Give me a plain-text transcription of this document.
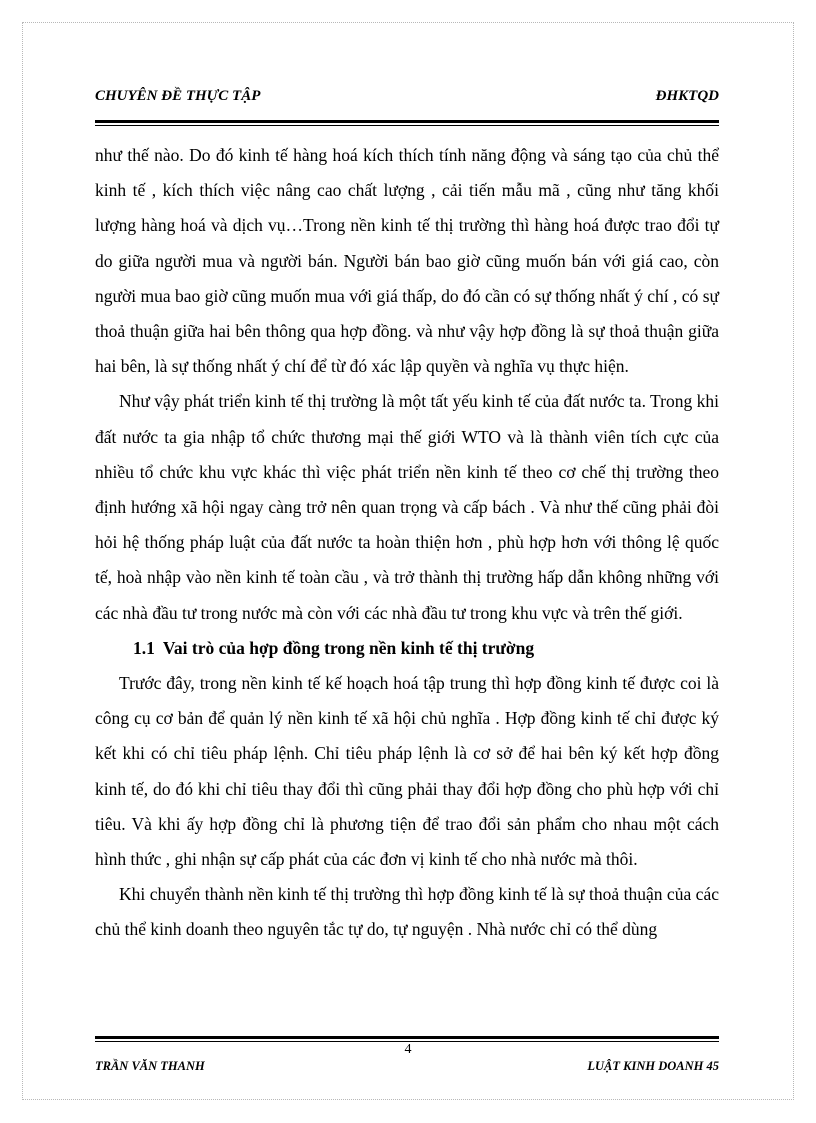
CHUYÊN ĐỀ THỰC TẬP	ĐHKTQD

như thế nào. Do đó kinh tế hàng hoá kích thích tính năng động và sáng tạo của chủ thể kinh tế , kích thích việc nâng cao chất lượng , cải tiến mẫu mã , cũng như tăng khối lượng hàng hoá và dịch vụ…Trong nền kinh tế thị trường thì hàng hoá được trao đổi tự do giữa người mua và người bán. Người bán bao giờ cũng muốn bán với giá cao, còn người mua bao giờ cũng muốn mua với giá thấp, do đó cần có sự thống nhất ý chí , có sự thoả thuận giữa hai bên thông qua hợp đồng. và như vậy hợp đồng là sự thoả thuận giữa hai bên, là sự thống nhất ý chí để từ đó xác lập quyền và nghĩa vụ thực hiện.

Như vậy phát triển kinh tế thị trường là một tất yếu kinh tế của đất nước ta. Trong khi đất nước ta gia nhập tổ chức thương mại thế giới WTO và là thành viên tích cực của nhiều tổ chức khu vực khác thì việc phát triển nền kinh tế theo cơ chế thị trường theo định hướng xã hội ngay càng trở nên quan trọng và cấp bách . Và như thế cũng phải đòi hỏi hệ thống pháp luật của đất nước ta hoàn thiện hơn , phù hợp hơn với thông lệ quốc tế, hoà nhập vào nền kinh tế toàn cầu , và trở thành thị trường hấp dẫn không những với các nhà đầu tư trong nước mà còn với các nhà đầu tư trong khu vực và trên thế giới.

1.1 Vai trò của hợp đồng trong nền kinh tế thị trường

Trước đây, trong nền kinh tế kế hoạch hoá tập trung thì hợp đồng kinh tế được coi là công cụ cơ bản để quản lý nền kinh tế xã hội chủ nghĩa . Hợp đồng kinh tế chỉ được ký kết khi có chỉ tiêu pháp lệnh. Chỉ tiêu pháp lệnh là cơ sở để hai bên ký kết hợp đồng kinh tế, do đó khi chỉ tiêu thay đổi thì cũng phải thay đổi hợp đồng cho phù hợp với chỉ tiêu. Và khi ấy hợp đồng chỉ là phương tiện để trao đổi sản phẩm cho nhau một cách hình thức , ghi nhận sự cấp phát của các đơn vị kinh tế cho nhà nước mà thôi.

Khi chuyển thành nền kinh tế thị trường thì hợp đồng kinh tế là sự thoả thuận của các chủ thể kinh doanh theo nguyên tắc tự do, tự nguyện . Nhà nước chỉ có thể dùng

4
TRẦN VĂN THANH	LUẬT KINH DOANH 45
